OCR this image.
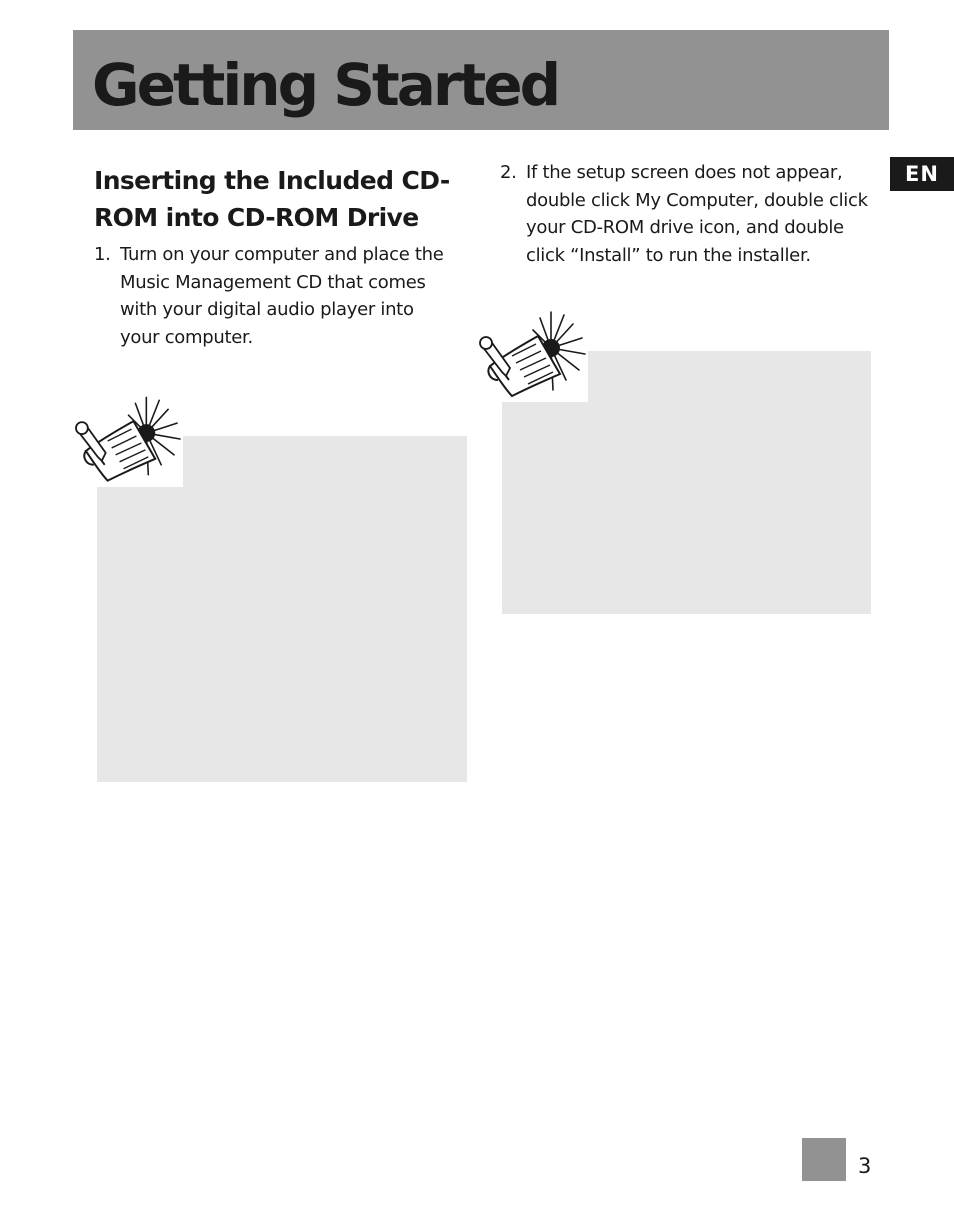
Getting Started
EN
Inserting the Included CD-ROM into CD-ROM Drive
1. Turn on your computer and place the Music Management CD that comes with your digital audio player into your computer.
2. If the setup screen does not appear, double click My Computer, double click your CD-ROM drive icon, and double click “Install” to run the installer.
3
